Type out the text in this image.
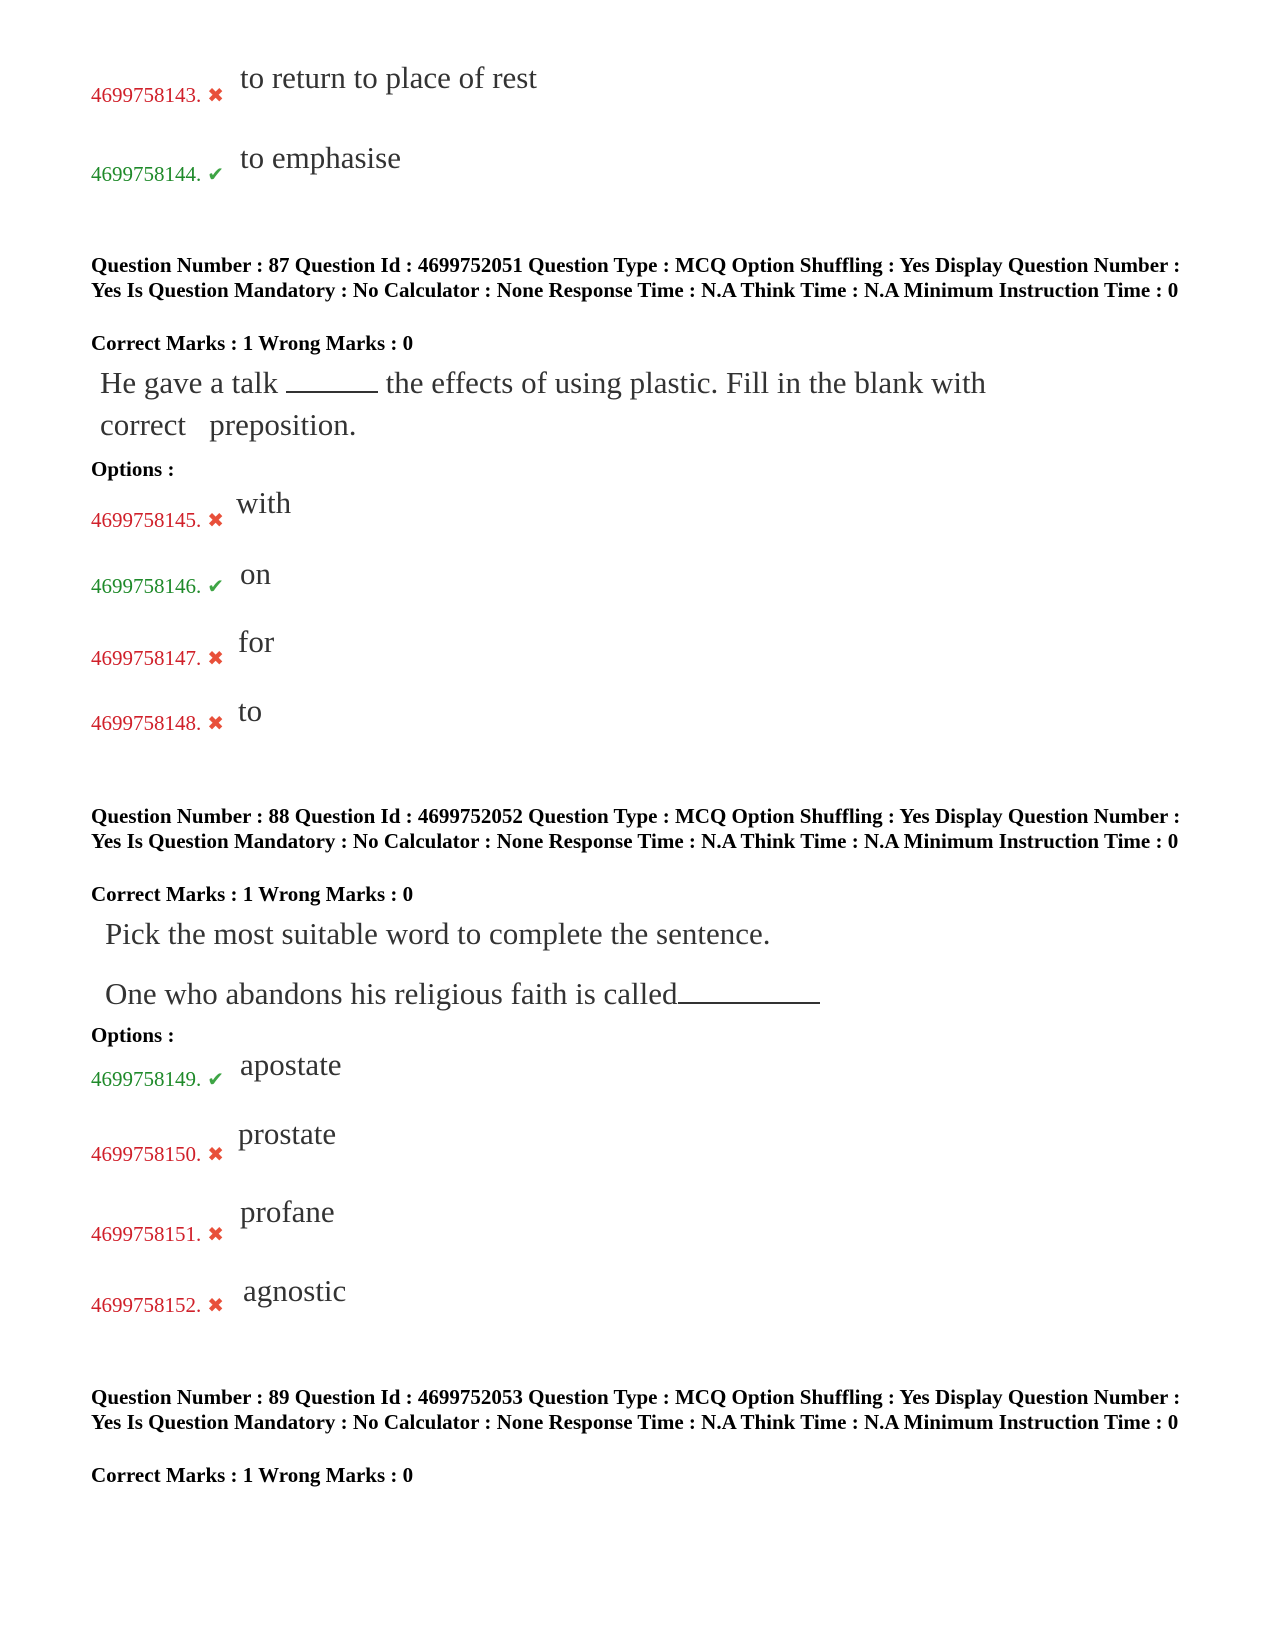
4699758143. ✖
to return to place of rest
4699758144. ✔ to emphasise
Question Number : 87 Question Id : 4699752051 Question Type : MCQ Option Shuffling : Yes Display Question Number : Yes Is Question Mandatory : No Calculator : None Response Time : N.A Think Time : N.A Minimum Instruction Time : 0
Correct Marks : 1 Wrong Marks : 0
He gave a talk	the effects of using plastic. Fill in the blank with
correct   preposition.
Options :
4699758145. ✖
with
4699758146. ✔ on
4699758147. ✖ for
4699758148. ✖ to
Question Number : 88 Question Id : 4699752052 Question Type : MCQ Option Shuffling : Yes Display Question Number : Yes Is Question Mandatory : No Calculator : None Response Time : N.A Think Time : N.A Minimum Instruction Time : 0
Correct Marks : 1 Wrong Marks : 0
Pick the most suitable word to complete the sentence.
One who abandons his religious faith is called
Options :
4699758149. ✔ apostate
4699758150. ✖
prostate
4699758151. ✖
profane
4699758152. ✖ agnostic
Question Number : 89 Question Id : 4699752053 Question Type : MCQ Option Shuffling : Yes Display Question Number : Yes Is Question Mandatory : No Calculator : None Response Time : N.A Think Time : N.A Minimum Instruction Time : 0
Correct Marks : 1 Wrong Marks : 0
